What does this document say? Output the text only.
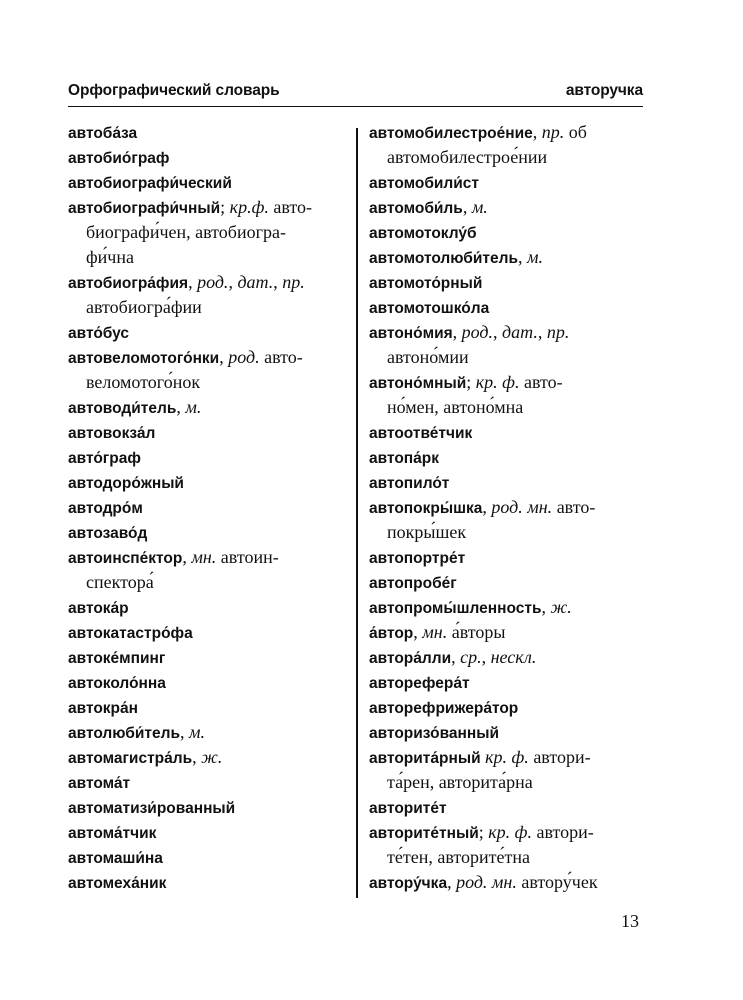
Орфографический словарь	авторучка
автоба́за
автобио́граф
автобиографи́ческий
автобиографи́чный; кр.ф. авто-
биографи́чен, автобиогра-
фи́чна
автобиогра́фия, род., дат., пр.
автобиогра́фии
авто́бус
автовеломотого́нки, род. авто-
веломотого́нок
автоводи́тель, м.
автовокза́л
авто́граф
автодоро́жный
автодро́м
автозаво́д
автоинспе́ктор, мн. автоин-
спектора́
автока́р
автокатастро́фа
автоке́мпинг
автоколо́нна
автокра́н
автолюби́тель, м.
автомагистра́ль, ж.
автома́т
автоматизи́рованный
автома́тчик
автомаши́на
автомеха́ник
автомобилестрое́ние, пр. об
автомобилестрое́нии
автомобили́ст
автомоби́ль, м.
автомотоклу́б
автомотолюби́тель, м.
автомото́рный
автомотошко́ла
автоно́мия, род., дат., пр.
автоно́мии
автоно́мный; кр. ф. авто-
но́мен, автоно́мна
автоотве́тчик
автопа́рк
автопило́т
автопокры́шка, род. мн. авто-
покры́шек
автопортре́т
автопробе́г
автопромы́шленность, ж.
а́втор, мн. а́вторы
автора́лли, ср., нескл.
авторефера́т
авторефрижера́тор
авторизо́ванный
авторита́рный кр. ф. автори-
та́рен, авторита́рна
авторите́т
авторите́тный; кр. ф. автори-
те́тен, авторите́тна
автору́чка, род. мн. автору́чек
13
